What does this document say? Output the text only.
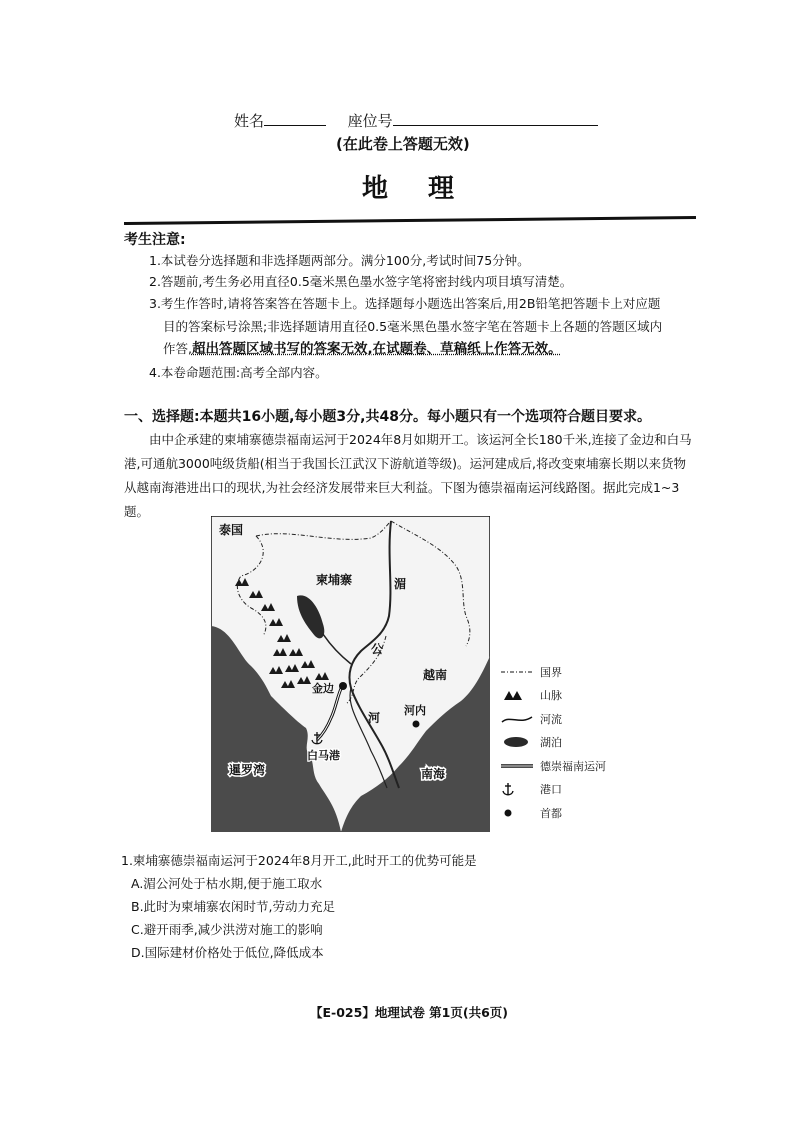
姓名	座位号
(在此卷上答题无效)
地理
考生注意:
1.本试卷分选择题和非选择题两部分。满分100分,考试时间75分钟。
2.答题前,考生务必用直径0.5毫米黑色墨水签字笔将密封线内项目填写清楚。
3.考生作答时,请将答案答在答题卡上。选择题每小题选出答案后,用2B铅笔把答题卡上对应题
目的答案标号涂黑;非选择题请用直径0.5毫米黑色墨水签字笔在答题卡上各题的答题区域内
作答,超出答题区域书写的答案无效,在试题卷、草稿纸上作答无效。
4.本卷命题范围:高考全部内容。
一、选择题:本题共16小题,每小题3分,共48分。每小题只有一个选项符合题目要求。
由中企承建的柬埔寨德崇福南运河于2024年8月如期开工。该运河全长180千米,连接了金边和白马港,可通航3000吨级货船(相当于我国长江武汉下游航道等级)。运河建成后,将改变柬埔寨长期以来货物从越南海港进出口的现状,为社会经济发展带来巨大利益。下图为德崇福南运河线路图。据此完成1~3题。
泰国
柬埔寨	湄
公
河
越南
金边
河内
白马港
暹罗湾	南海
国界
山脉
河流
湖泊
德崇福南运河
港口
首都
1.柬埔寨德崇福南运河于2024年8月开工,此时开工的优势可能是
A.湄公河处于枯水期,便于施工取水
B.此时为柬埔寨农闲时节,劳动力充足
C.避开雨季,减少洪涝对施工的影响
D.国际建材价格处于低位,降低成本
【E-025】地理试卷 第1页(共6页)
